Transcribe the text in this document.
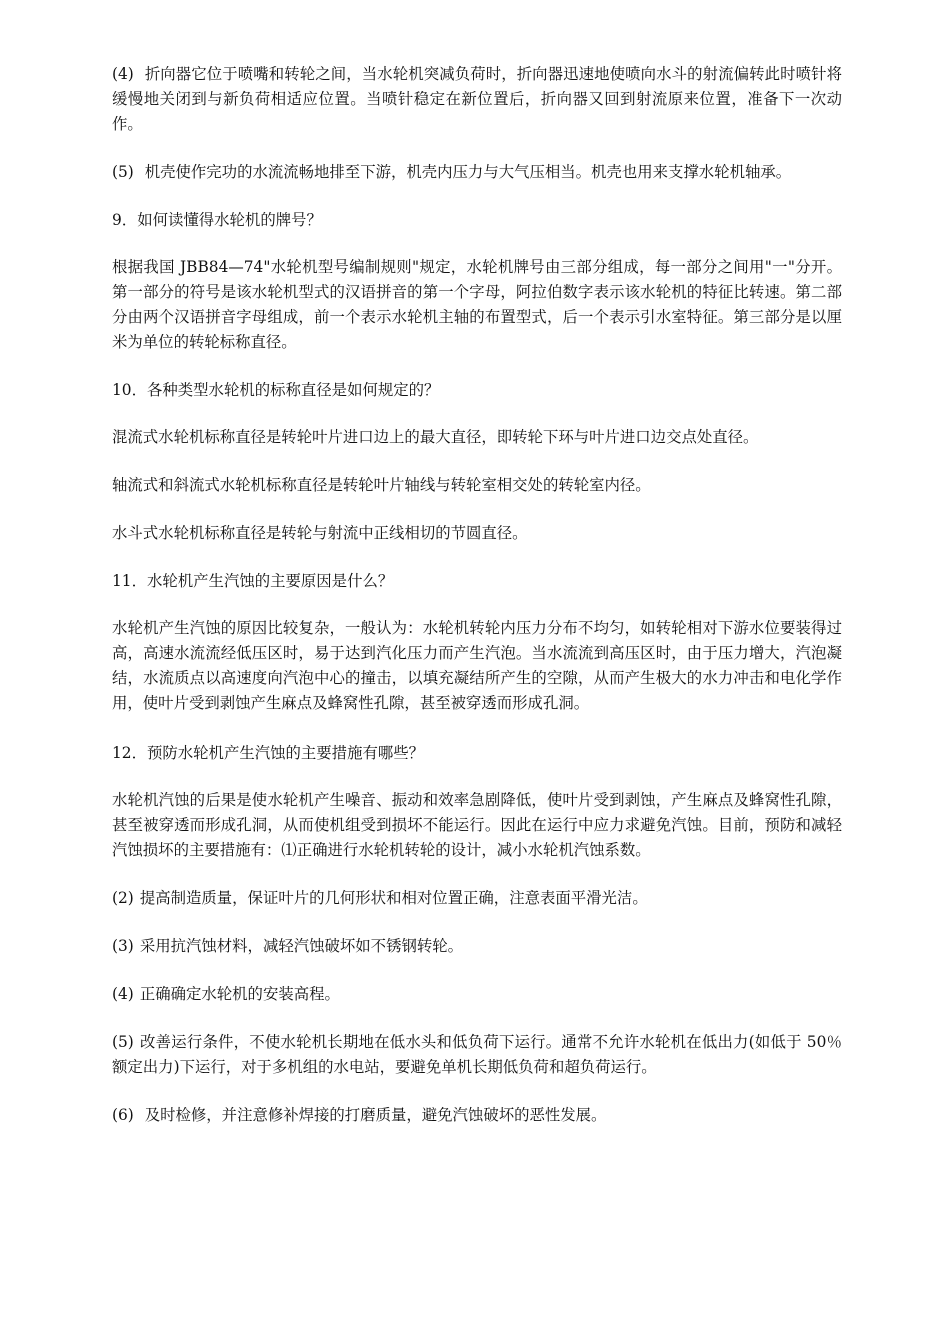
(4) 折向器它位于喷嘴和转轮之间，当水轮机突减负荷时，折向器迅速地使喷向水斗的射流偏转此时喷针将缓慢地关闭到与新负荷相适应位置。当喷针稳定在新位置后，折向器又回到射流原来位置，准备下一次动作。

(5) 机壳使作完功的水流流畅地排至下游，机壳内压力与大气压相当。机壳也用来支撑水轮机轴承。

9．如何读懂得水轮机的牌号？

根据我国 JBB84—74"水轮机型号编制规则"规定，水轮机牌号由三部分组成，每一部分之间用"一"分开。第一部分的符号是该水轮机型式的汉语拼音的第一个字母，阿拉伯数字表示该水轮机的特征比转速。第二部分由两个汉语拼音字母组成，前一个表示水轮机主轴的布置型式，后一个表示引水室特征。第三部分是以厘米为单位的转轮标称直径。

10．各种类型水轮机的标称直径是如何规定的？

混流式水轮机标称直径是转轮叶片进口边上的最大直径，即转轮下环与叶片进口边交点处直径。

轴流式和斜流式水轮机标称直径是转轮叶片轴线与转轮室相交处的转轮室内径。

水斗式水轮机标称直径是转轮与射流中正线相切的节圆直径。

11．水轮机产生汽蚀的主要原因是什么？

水轮机产生汽蚀的原因比较复杂，一般认为：水轮机转轮内压力分布不均匀，如转轮相对下游水位要装得过高，高速水流流经低压区时，易于达到汽化压力而产生汽泡。当水流流到高压区时，由于压力增大，汽泡凝结，水流质点以高速度向汽泡中心的撞击，以填充凝结所产生的空隙，从而产生极大的水力冲击和电化学作用，使叶片受到剥蚀产生麻点及蜂窝性孔隙，甚至被穿透而形成孔洞。

12．预防水轮机产生汽蚀的主要措施有哪些？

水轮机汽蚀的后果是使水轮机产生噪音、振动和效率急剧降低，使叶片受到剥蚀，产生麻点及蜂窝性孔隙，甚至被穿透而形成孔洞，从而使机组受到损坏不能运行。因此在运行中应力求避免汽蚀。目前，预防和减轻汽蚀损坏的主要措施有：⑴正确进行水轮机转轮的设计，减小水轮机汽蚀系数。

(2) 提高制造质量，保证叶片的几何形状和相对位置正确，注意表面平滑光洁。

(3) 采用抗汽蚀材料，减轻汽蚀破坏如不锈钢转轮。

(4) 正确确定水轮机的安装高程。

(5) 改善运行条件，不使水轮机长期地在低水头和低负荷下运行。通常不允许水轮机在低出力(如低于 50％额定出力)下运行，对于多机组的水电站，要避免单机长期低负荷和超负荷运行。

(6) 及时检修，并注意修补焊接的打磨质量，避免汽蚀破坏的恶性发展。
